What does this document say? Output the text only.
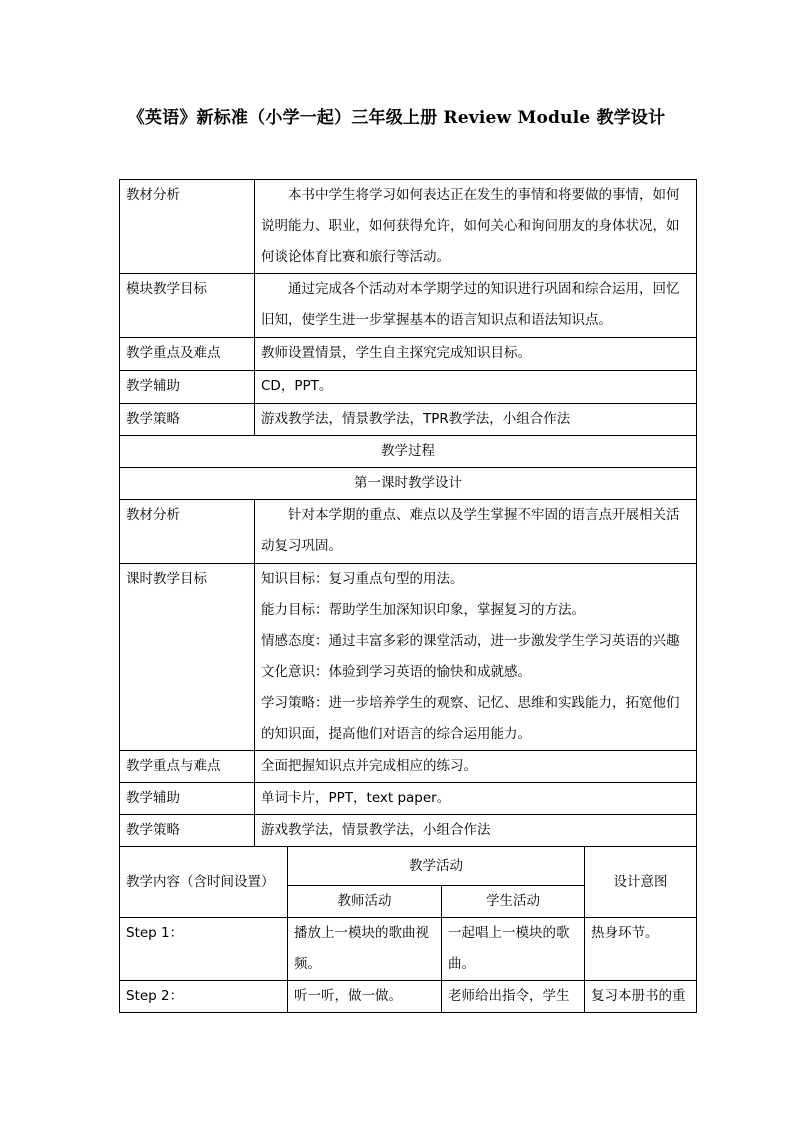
《英语》新标准（小学一起）三年级上册 Review Module 教学设计
教材分析	本书中学生将学习如何表达正在发生的事情和将要做的事情，如何说明能力、职业，如何获得允许，如何关心和询问朋友的身体状况，如何谈论体育比赛和旅行等活动。			

模块教学目标	通过完成各个活动对本学期学过的知识进行巩固和综合运用，回忆旧知，使学生进一步掌握基本的语言知识点和语法知识点。			

教学重点及难点	教师设置情景，学生自主探究完成知识目标。			
教学辅助	CD，PPT。			
教学策略	游戏教学法，情景教学法，TPR教学法，小组合作法			
教学过程				
第一课时教学设计				
教材分析	针对本学期的重点、难点以及学生掌握不牢固的语言点开展相关活动复习巩固。			

课时教学目标	知识目标：复习重点句型的用法。
能力目标：帮助学生加深知识印象，掌握复习的方法。
情感态度：通过丰富多彩的课堂活动，进一步激发学生学习英语的兴趣
文化意识：体验到学习英语的愉快和成就感。
学习策略：进一步培养学生的观察、记忆、思维和实践能力，拓宽他们的知识面，提高他们对语言的综合运用能力。			

教学重点与难点	全面把握知识点并完成相应的练习。			
教学辅助	单词卡片，PPT，text paper。			
教学策略	游戏教学法，情景教学法，小组合作法			
教学内容（含时间设置）		教学活动		设计意图
		教师活动	学生活动	
Step 1：		播放上一模块的歌曲视频。	一起唱上一模块的歌曲。	热身环节。
Step 2：		听一听，做一做。	老师给出指令，学生	复习本册书的重
